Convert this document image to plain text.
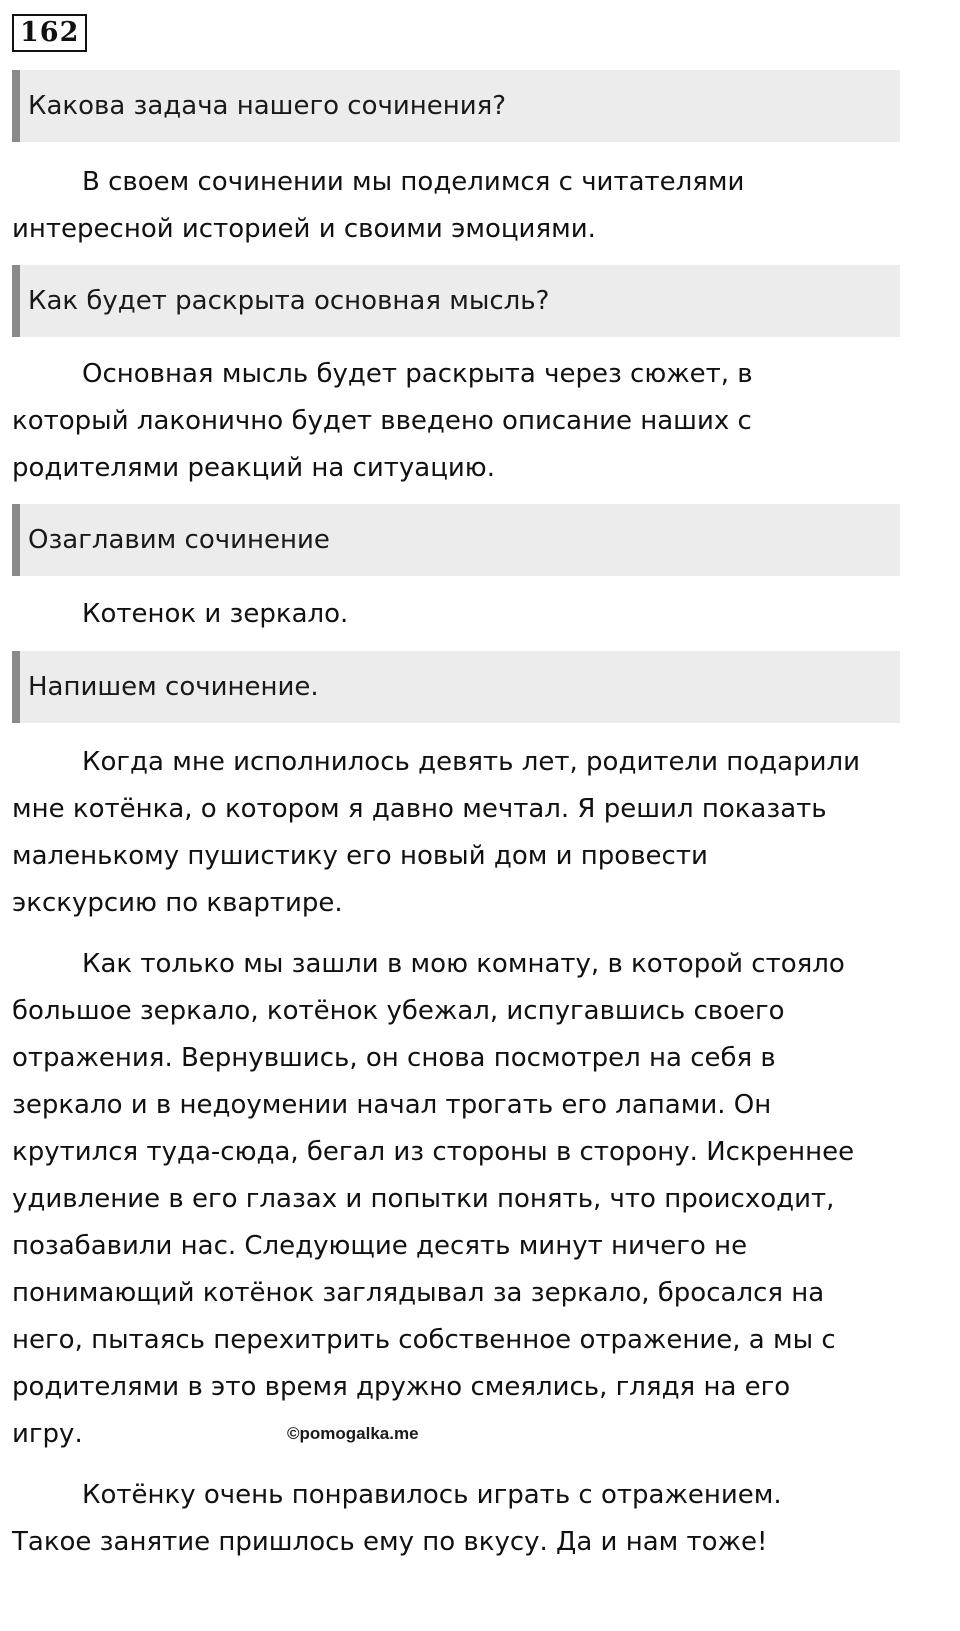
162
Какова задача нашего сочинения?

В своем сочинении мы поделимся с читателями
интересной историей и своими эмоциями.

Как будет раскрыта основная мысль?

Основная мысль будет раскрыта через сюжет, в
который лаконично будет введено описание наших с
родителями реакций на ситуацию.

Озаглавим сочинение

Котенок и зеркало.

Напишем сочинение.

Когда мне исполнилось девять лет, родители подарили
мне котёнка, о котором я давно мечтал. Я решил показать
маленькому пушистику его новый дом и провести
экскурсию по квартире.

Как только мы зашли в мою комнату, в которой стояло
большое зеркало, котёнок убежал, испугавшись своего
отражения. Вернувшись, он снова посмотрел на себя в
зеркало и в недоумении начал трогать его лапами. Он
крутился туда-сюда, бегал из стороны в сторону. Искреннее
удивление в его глазах и попытки понять, что происходит,
позабавили нас. Следующие десять минут ничего не
понимающий котёнок заглядывал за зеркало, бросался на
него, пытаясь перехитрить собственное отражение, а мы с
родителями в это время дружно смеялись, глядя на его
игру.	©pomogalka.me

Котёнку очень понравилось играть с отражением.
Такое занятие пришлось ему по вкусу. Да и нам тоже!
